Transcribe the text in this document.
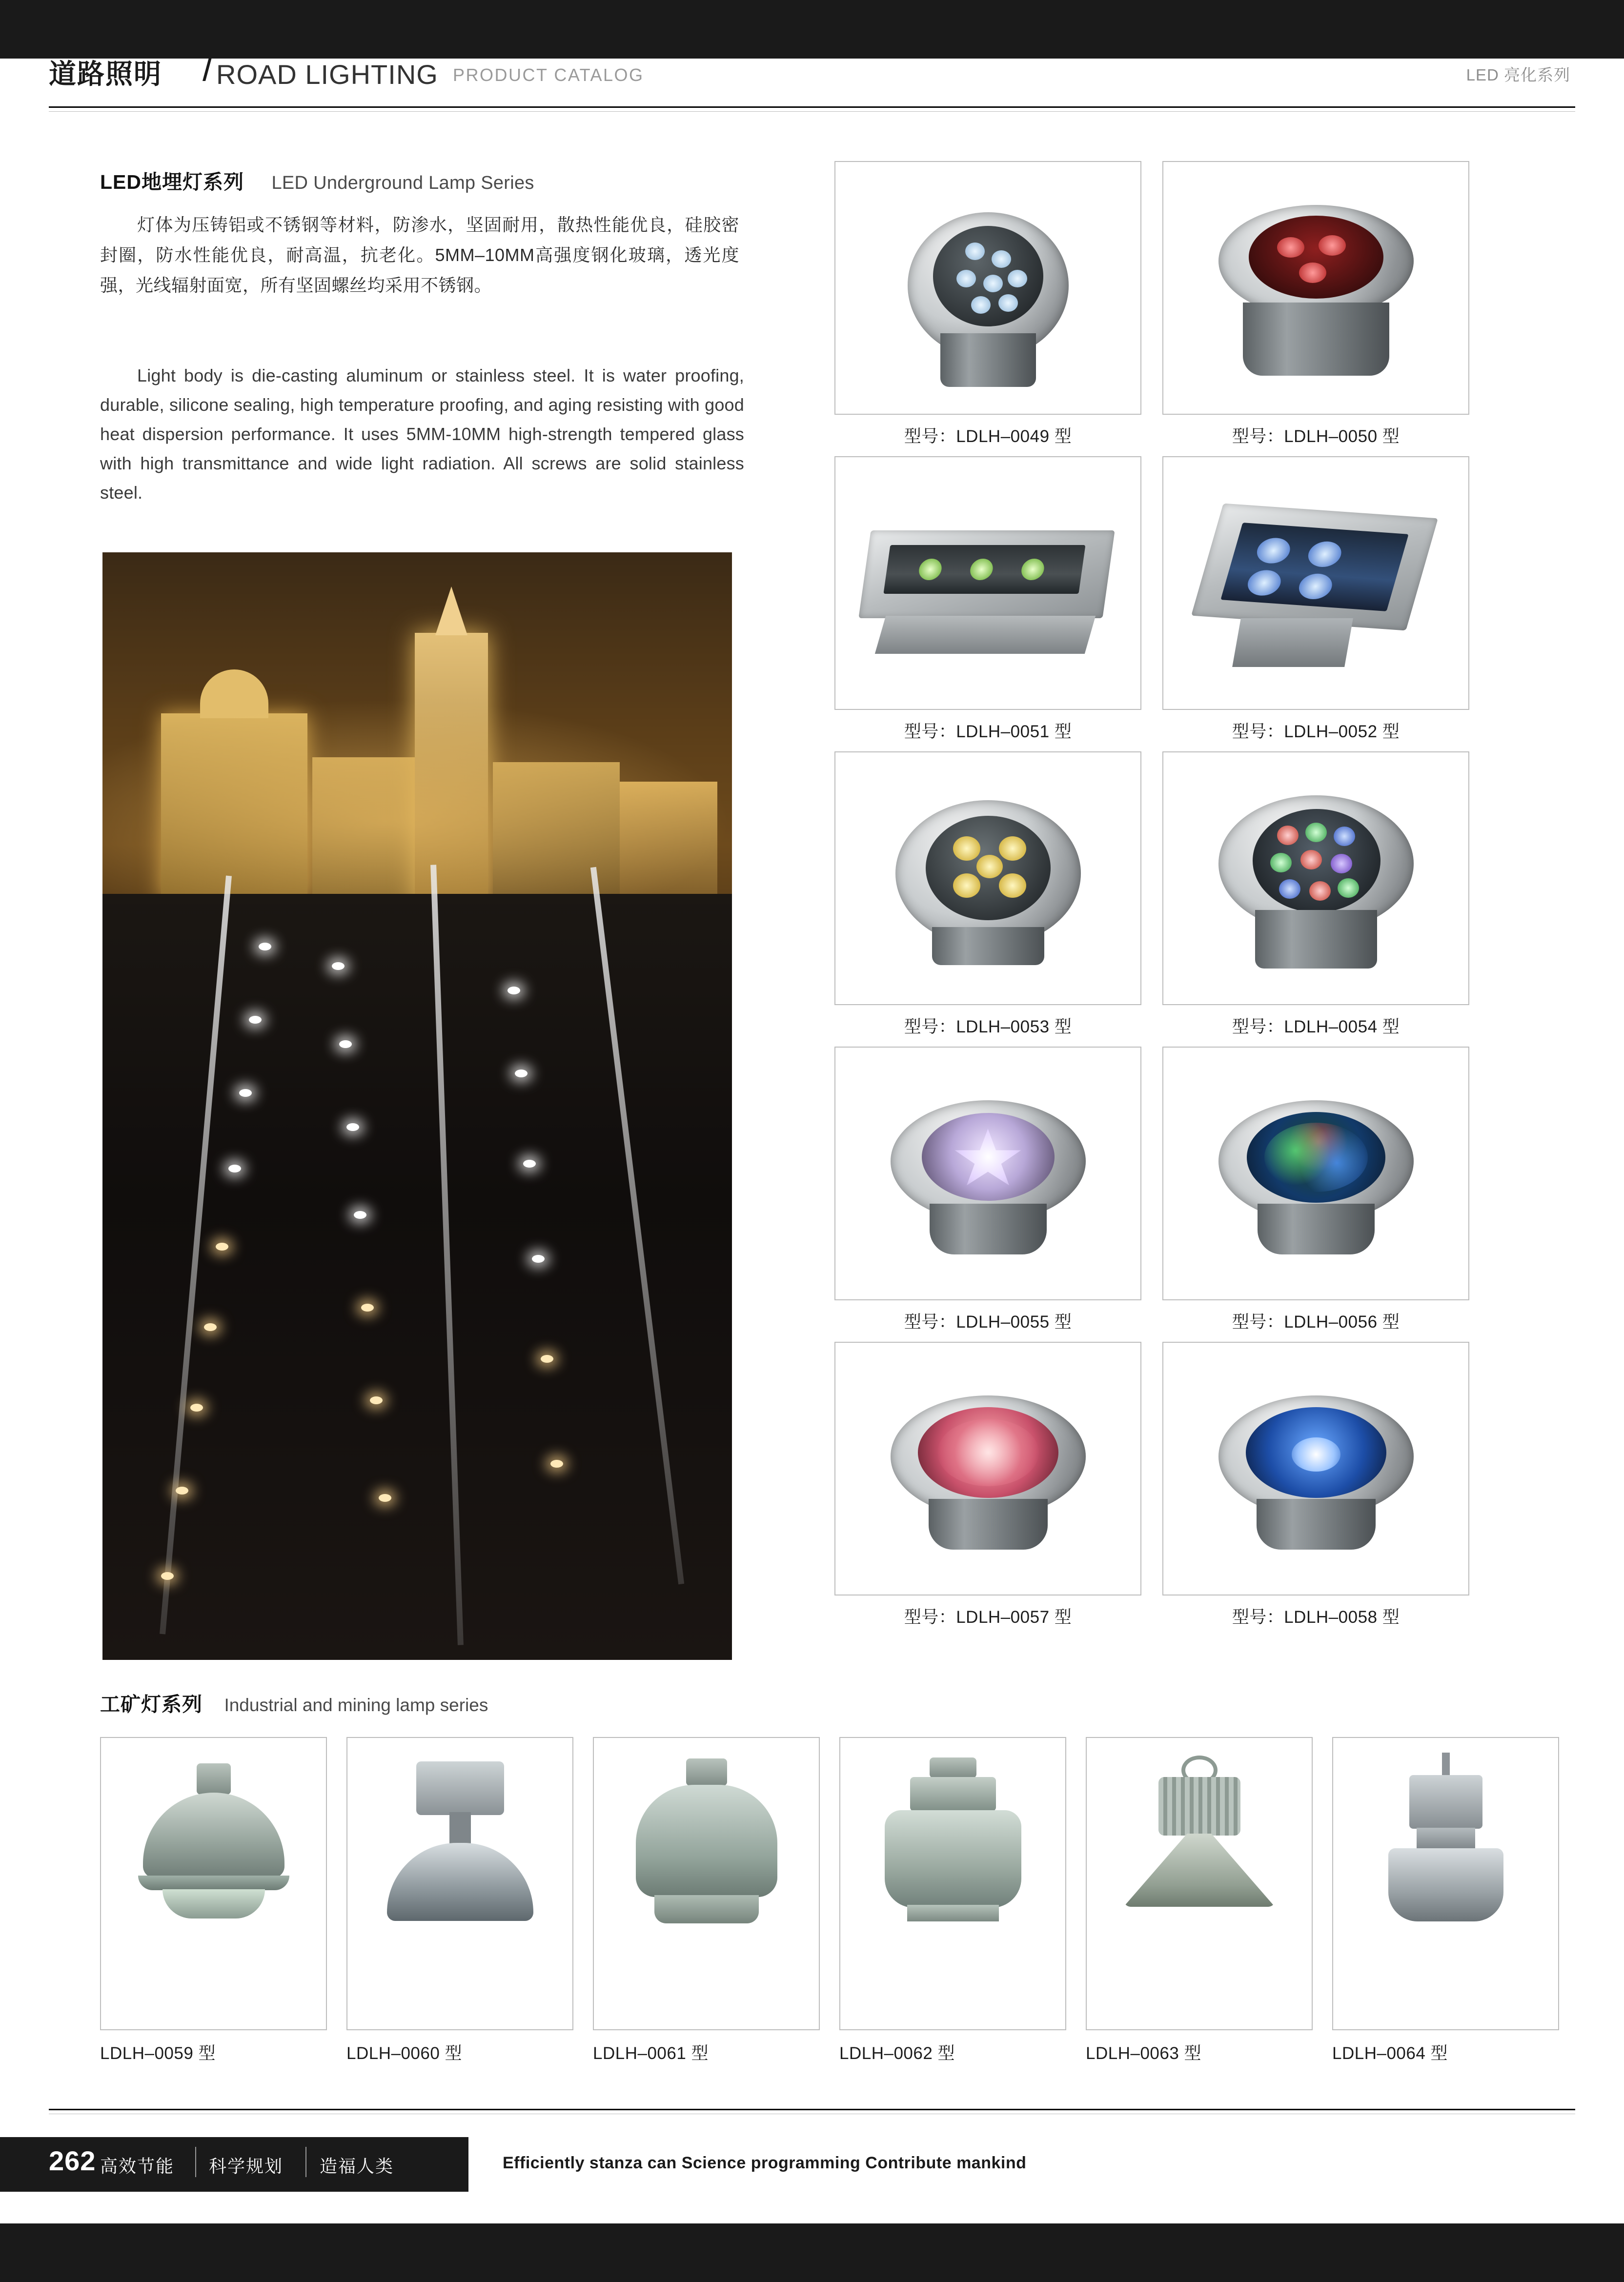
道路照明 / ROAD LIGHTING PRODUCT CATALOG	LED 亮化系列
LED地埋灯系列 LED Underground Lamp Series
灯体为压铸铝或不锈钢等材料，防渗水，坚固耐用，散热性能优良，硅胶密封圈，防水性能优良，耐高温，抗老化。5MM–10MM高强度钢化玻璃，透光度强，光线辐射面宽，所有坚固螺丝均采用不锈钢。
Light body is die-casting aluminum or stainless steel. It is water proofing, durable, silicone sealing, high temperature proofing, and aging resisting with good heat dispersion performance. It uses 5MM-10MM high-strength tempered glass with high transmittance and wide light radiation. All screws are solid stainless steel.
型号：LDLH–0049 型	型号：LDLH–0050 型
型号：LDLH–0051 型	型号：LDLH–0052 型
型号：LDLH–0053 型	型号：LDLH–0054 型
型号：LDLH–0055 型	型号：LDLH–0056 型
型号：LDLH–0057 型	型号：LDLH–0058 型
工矿灯系列 Industrial and mining lamp series
LDLH–0059 型	LDLH–0060 型	LDLH–0061 型	LDLH–0062 型	LDLH–0063 型	LDLH–0064 型
262 高效节能 科学规划 造福人类	Efficiently stanza can Science programming Contribute mankind
